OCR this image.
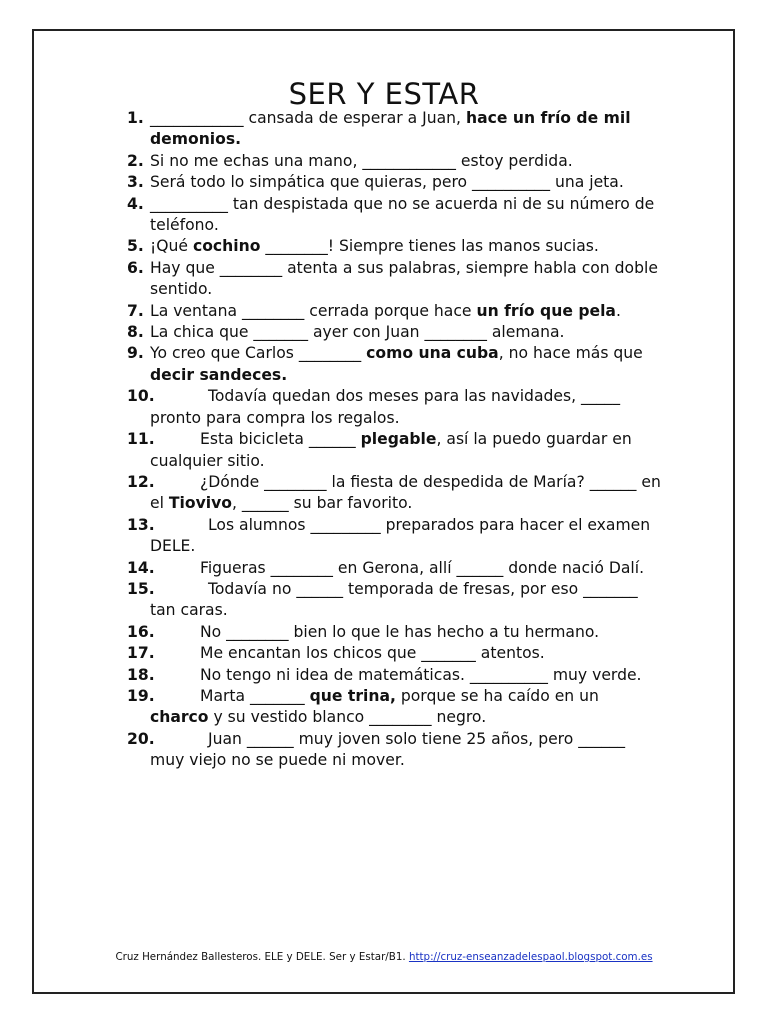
SER Y ESTAR
1. ____________ cansada de esperar a Juan, hace un frío de mil demonios.
2. Si no me echas una mano, ____________ estoy perdida.
3. Será todo lo simpática que quieras, pero __________ una jeta.
4. __________ tan despistada que no se acuerda ni de su número de teléfono.
5. ¡Qué cochino ________! Siempre tienes las manos sucias.
6. Hay que ________ atenta a sus palabras, siempre habla con doble sentido.
7. La ventana ________ cerrada porque hace un frío que pela.
8. La chica que _______ ayer con Juan ________ alemana.
9. Yo creo que Carlos ________ como una cuba, no hace más que decir sandeces.
10.	Todavía quedan dos meses para las navidades, _____ pronto para compra los regalos.
11.	Esta bicicleta ______ plegable, así la puedo guardar en cualquier sitio.
12.	¿Dónde ________ la fiesta de despedida de María? ______ en el Tiovivo, ______ su bar favorito.
13.	Los alumnos _________ preparados para hacer el examen DELE.
14.	Figueras ________ en Gerona, allí ______ donde nació Dalí.
15.	Todavía no ______ temporada de fresas, por eso _______ tan caras.
16.	No ________ bien lo que le has hecho a tu hermano.
17.	Me encantan los chicos que _______ atentos.
18.	No tengo ni idea de matemáticas. __________ muy verde.
19.	Marta _______ que trina, porque se ha caído en un charco y su vestido blanco ________ negro.
20.	Juan ______ muy joven solo tiene 25 años, pero ______ muy viejo no se puede ni mover.
Cruz Hernández Ballesteros. ELE y DELE. Ser y Estar/B1. http://cruz-enseanzadelespaol.blogspot.com.es
